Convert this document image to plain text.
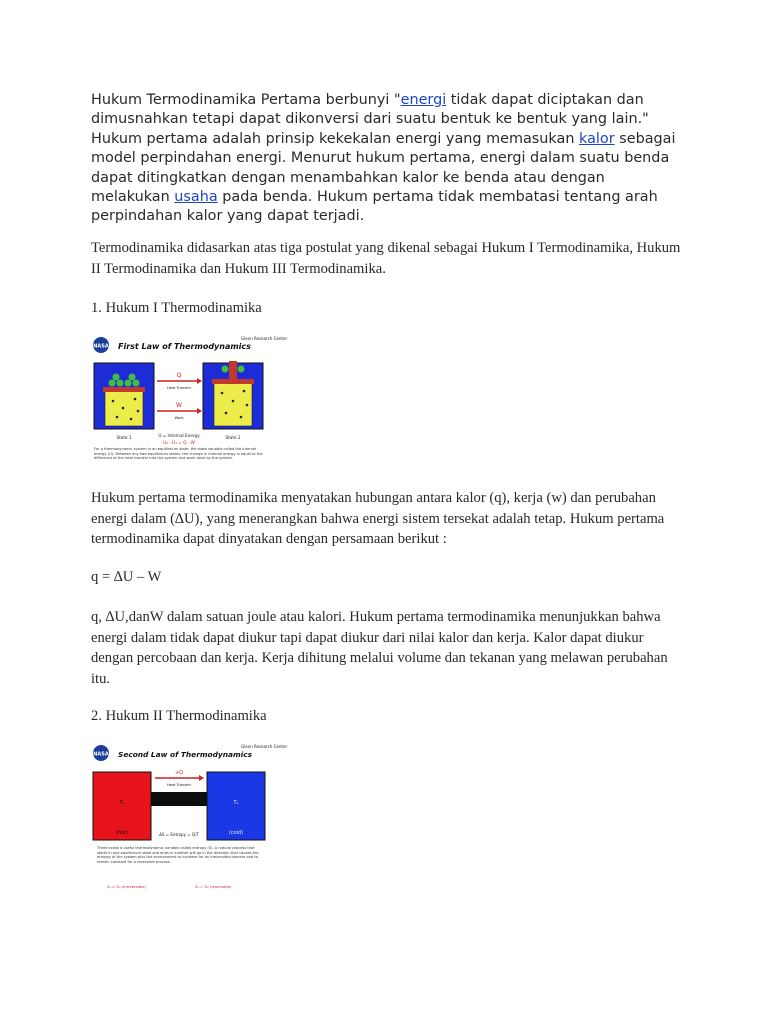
Hukum Termodinamika Pertama berbunyi "energi tidak dapat diciptakan dan dimusnahkan tetapi dapat dikonversi dari suatu bentuk ke bentuk yang lain." Hukum pertama adalah prinsip kekekalan energi yang memasukan kalor sebagai model perpindahan energi. Menurut hukum pertama, energi dalam suatu benda dapat ditingkatkan dengan menambahkan kalor ke benda atau dengan melakukan usaha pada benda. Hukum pertama tidak membatasi tentang arah perpindahan kalor yang dapat terjadi.

Termodinamika didasarkan atas tiga postulat yang dikenal sebagai Hukum I Termodinamika, Hukum II Termodinamika dan Hukum III Termodinamika.

1. Hukum I Thermodinamika

NASA First Law of Thermodynamics
Glenn Research Center
Q
Heat Transfer
W
Work
State 1	State 2
U = Internal Energy
U₂ - U₁ = Q - W
For a thermodynamic system in an equilibrium state, the state variable called the internal energy (U). Between any two equilibrium states, the change in internal energy is equal to the difference of the heat transfer into the system and work done by the system.

Hukum pertama termodinamika menyatakan hubungan antara kalor (q), kerja (w) dan perubahan energi dalam (∆U), yang menerangkan bahwa energi sistem tersekat adalah tetap. Hukum pertama termodinamika dapat dinyatakan dengan persamaan berikut :

q = ∆U – W

q, ∆U,danW dalam satuan joule atau kalori. Hukum pertama termodinamika menunjukkan bahwa energi dalam tidak dapat diukur tapi dapat diukur dari nilai kalor dan kerja. Kalor dapat diukur dengan percobaan dan kerja. Kerja dihitung melalui volume dan tekanan yang melawan perubahan itu.

2. Hukum II Thermodinamika

NASA Second Law of Thermodynamics
Glenn Research Center
Tₕ
(hot)
T₁
(cold)
+Q
Heat Transfer
ΔS = Entropy = Q/T
There exists a useful thermodynamic variable called entropy (S). A natural process that starts in one equilibrium state and ends in another will go in the direction that causes the entropy of the system plus the environment to increase for an irreversible process and to remain constant for a reversible process.
S₁ > S₀ (irreversible)	S₁ = S₀ (reversible)
